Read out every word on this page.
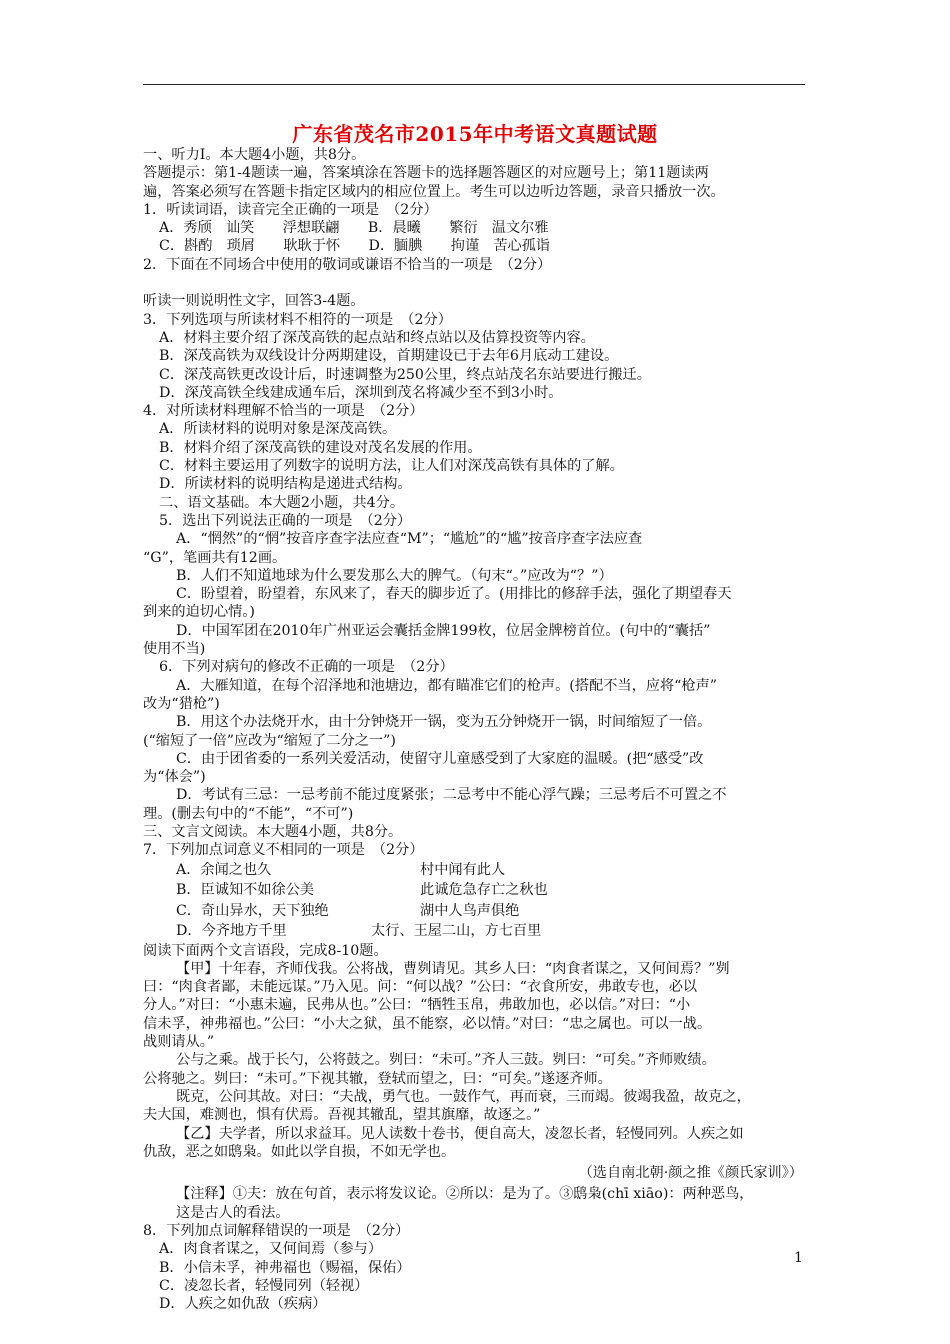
广东省茂名市2015年中考语文真题试题
一、听力Ⅰ。本大题4小题，共8分。
答题提示：第1-4题读一遍，答案填涂在答题卡的选择题答题区的对应题号上；第11题读两
遍，答案必须写在答题卡指定区域内的相应位置上。考生可以边听边答题，录音只播放一次。
1．听读词语，读音完全正确的一项是　（2分）
A．秀颀　讪笑　　浮想联翩　　B．晨曦　　繁衍　温文尔雅
C．斟酌　琐屑　　耿耿于怀　　D．腼腆　　拘谨　苦心孤诣
2．下面在不同场合中使用的敬词或谦语不恰当的一项是　（2分）
听读一则说明性文字，回答3-4题。
3．下列选项与所读材料不相符的一项是　（2分）
A．材料主要介绍了深茂高铁的起点站和终点站以及估算投资等内容。
B．深茂高铁为双线设计分两期建设，首期建设已于去年6月底动工建设。
C．深茂高铁更改设计后，时速调整为250公里，终点站茂名东站要进行搬迁。
D．深茂高铁全线建成通车后，深圳到茂名将减少至不到3小时。
4．对所读材料理解不恰当的一项是　（2分）
A．所读材料的说明对象是深茂高铁。
B．材料介绍了深茂高铁的建设对茂名发展的作用。
C．材料主要运用了列数字的说明方法，让人们对深茂高铁有具体的了解。
D．所读材料的说明结构是递进式结构。
二、语文基础。本大题2小题，共4分。
5．选出下列说法正确的一项是　（2分）
A．“惘然”的“惘”按音序查字法应查“M”；“尴尬”的“尴”按音序查字法应查
“G”，笔画共有12画。
B．人们不知道地球为什么要发那么大的脾气。（句末“。”应改为“？”）
C．盼望着，盼望着，东风来了，春天的脚步近了。(用排比的修辞手法，强化了期望春天
到来的迫切心情。)
D．中国军团在2010年广州亚运会囊括金牌199枚，位居金牌榜首位。(句中的“囊括”
使用不当)
6．下列对病句的修改不正确的一项是　（2分）
A．大雁知道，在每个沼泽地和池塘边，都有瞄准它们的枪声。(搭配不当，应将“枪声”
改为“猎枪”)
B．用这个办法烧开水，由十分钟烧开一锅，变为五分钟烧开一锅，时间缩短了一倍。
(“缩短了一倍”应改为“缩短了二分之一”)
C．由于团省委的一系列关爱活动，使留守儿童感受到了大家庭的温暖。(把“感受”改
为“体会”)
D．考试有三忌：一忌考前不能过度紧张；二忌考中不能心浮气躁；三忌考后不可置之不
理。(删去句中的“不能”，“不可”)
三、文言文阅读。本大题4小题，共8分。
7．下列加点词意义不相同的一项是　（2分）
A．余闻之也久	村中闻有此人
B．臣诚知不如徐公美	此诚危急存亡之秋也
C．奇山异水，天下独绝	湖中人鸟声俱绝
D．今齐地方千里	太行、王屋二山，方七百里
阅读下面两个文言语段，完成8-10题。
【甲】十年春，齐师伐我。公将战，曹刿请见。其乡人曰：“肉食者谋之，又何间焉？”刿
曰：“肉食者鄙，未能远谋。”乃入见。问：“何以战？”公曰：“衣食所安，弗敢专也，必以
分人。”对曰：“小惠未遍，民弗从也。”公曰：“牺牲玉帛，弗敢加也，必以信。”对曰：“小
信未孚，神弗福也。”公曰：“小大之狱，虽不能察，必以情。”对曰：“忠之属也。可以一战。
战则请从。”
公与之乘。战于长勺，公将鼓之。刿曰：“未可。”齐人三鼓。刿曰：“可矣。”齐师败绩。
公将驰之。刿曰：“未可。”下视其辙，登轼而望之，曰：“可矣。”遂逐齐师。
既克，公问其故。对曰：“夫战，勇气也。一鼓作气，再而衰，三而竭。彼竭我盈，故克之，
夫大国，难测也，惧有伏焉。吾视其辙乱，望其旗靡，故逐之。”
【乙】夫学者，所以求益耳。见人读数十卷书，便自高大，凌忽长者，轻慢同列。人疾之如
仇敌，恶之如鸱枭。如此以学自损，不如无学也。
（选自南北朝·颜之推《颜氏家训》）
【注释】①夫：放在句首，表示将发议论。②所以：是为了。③鸱枭(chī xiāo)：两种恶鸟，
这是古人的看法。
8．下列加点词解释错误的一项是　（2分）
A．肉食者谋之，又何间焉（参与）
B．小信未孚，神弗福也（赐福，保佑）
C．凌忽长者，轻慢同列（轻视）
D．人疾之如仇敌（疾病）
1
